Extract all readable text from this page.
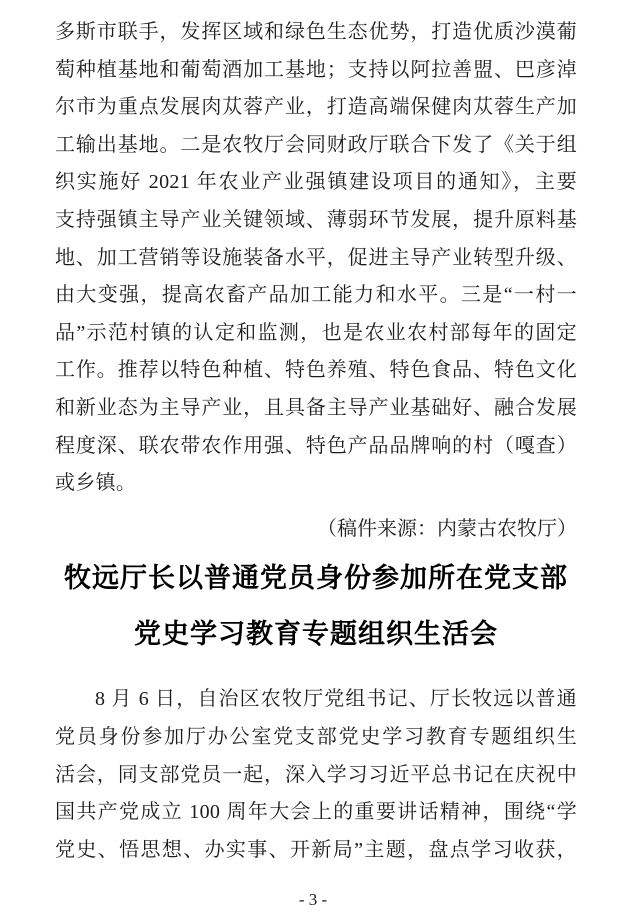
多斯市联手，发挥区域和绿色生态优势，打造优质沙漠葡
萄种植基地和葡萄酒加工基地；支持以阿拉善盟、巴彦淖
尔市为重点发展肉苁蓉产业，打造高端保健肉苁蓉生产加
工输出基地。二是农牧厅会同财政厅联合下发了《关于组
织实施好 2021 年农业产业强镇建设项目的通知》，主要
支持强镇主导产业关键领域、薄弱环节发展，提升原料基
地、加工营销等设施装备水平，促进主导产业转型升级、
由大变强，提高农畜产品加工能力和水平。三是“一村一
品”示范村镇的认定和监测，也是农业农村部每年的固定
工作。推荐以特色种植、特色养殖、特色食品、特色文化
和新业态为主导产业，且具备主导产业基础好、融合发展
程度深、联农带农作用强、特色产品品牌响的村（嘎查）
或乡镇。
（稿件来源：内蒙古农牧厅）
牧远厅长以普通党员身份参加所在党支部
党史学习教育专题组织生活会
8 月 6 日，自治区农牧厅党组书记、厅长牧远以普通
党员身份参加厅办公室党支部党史学习教育专题组织生
活会，同支部党员一起，深入学习习近平总书记在庆祝中
国共产党成立 100 周年大会上的重要讲话精神，围绕“学
党史、悟思想、办实事、开新局”主题，盘点学习收获，
- 3 -
